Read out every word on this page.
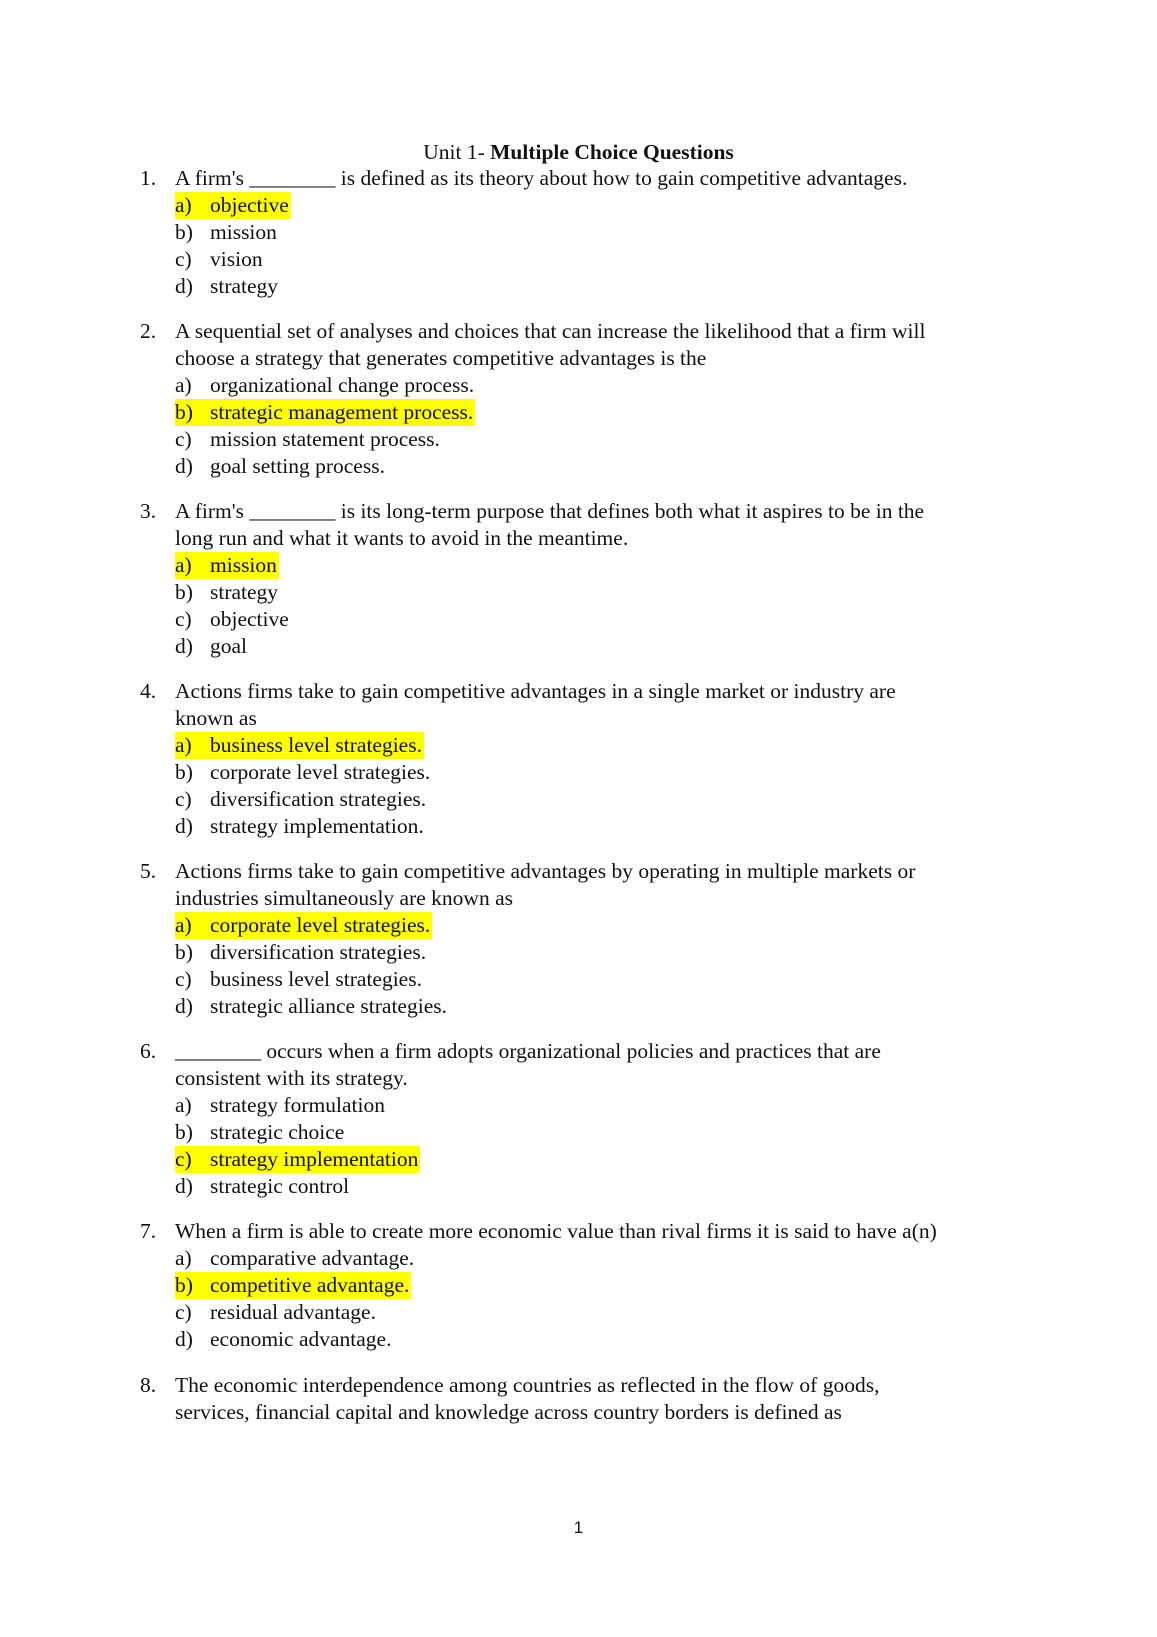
Unit 1- Multiple Choice Questions
1. A firm's ________ is defined as its theory about how to gain competitive advantages.
a) objective
b) mission
c) vision
d) strategy
2. A sequential set of analyses and choices that can increase the likelihood that a firm will
choose a strategy that generates competitive advantages is the
a) organizational change process.
b) strategic management process.
c) mission statement process.
d) goal setting process.
3. A firm's ________ is its long-term purpose that defines both what it aspires to be in the
long run and what it wants to avoid in the meantime.
a) mission
b) strategy
c) objective
d) goal
4. Actions firms take to gain competitive advantages in a single market or industry are
known as
a) business level strategies.
b) corporate level strategies.
c) diversification strategies.
d) strategy implementation.
5. Actions firms take to gain competitive advantages by operating in multiple markets or
industries simultaneously are known as
a) corporate level strategies.
b) diversification strategies.
c) business level strategies.
d) strategic alliance strategies.
6. ________ occurs when a firm adopts organizational policies and practices that are
consistent with its strategy.
a) strategy formulation
b) strategic choice
c) strategy implementation
d) strategic control
7. When a firm is able to create more economic value than rival firms it is said to have a(n)
a) comparative advantage.
b) competitive advantage.
c) residual advantage.
d) economic advantage.
8. The economic interdependence among countries as reflected in the flow of goods,
services, financial capital and knowledge across country borders is defined as
1
